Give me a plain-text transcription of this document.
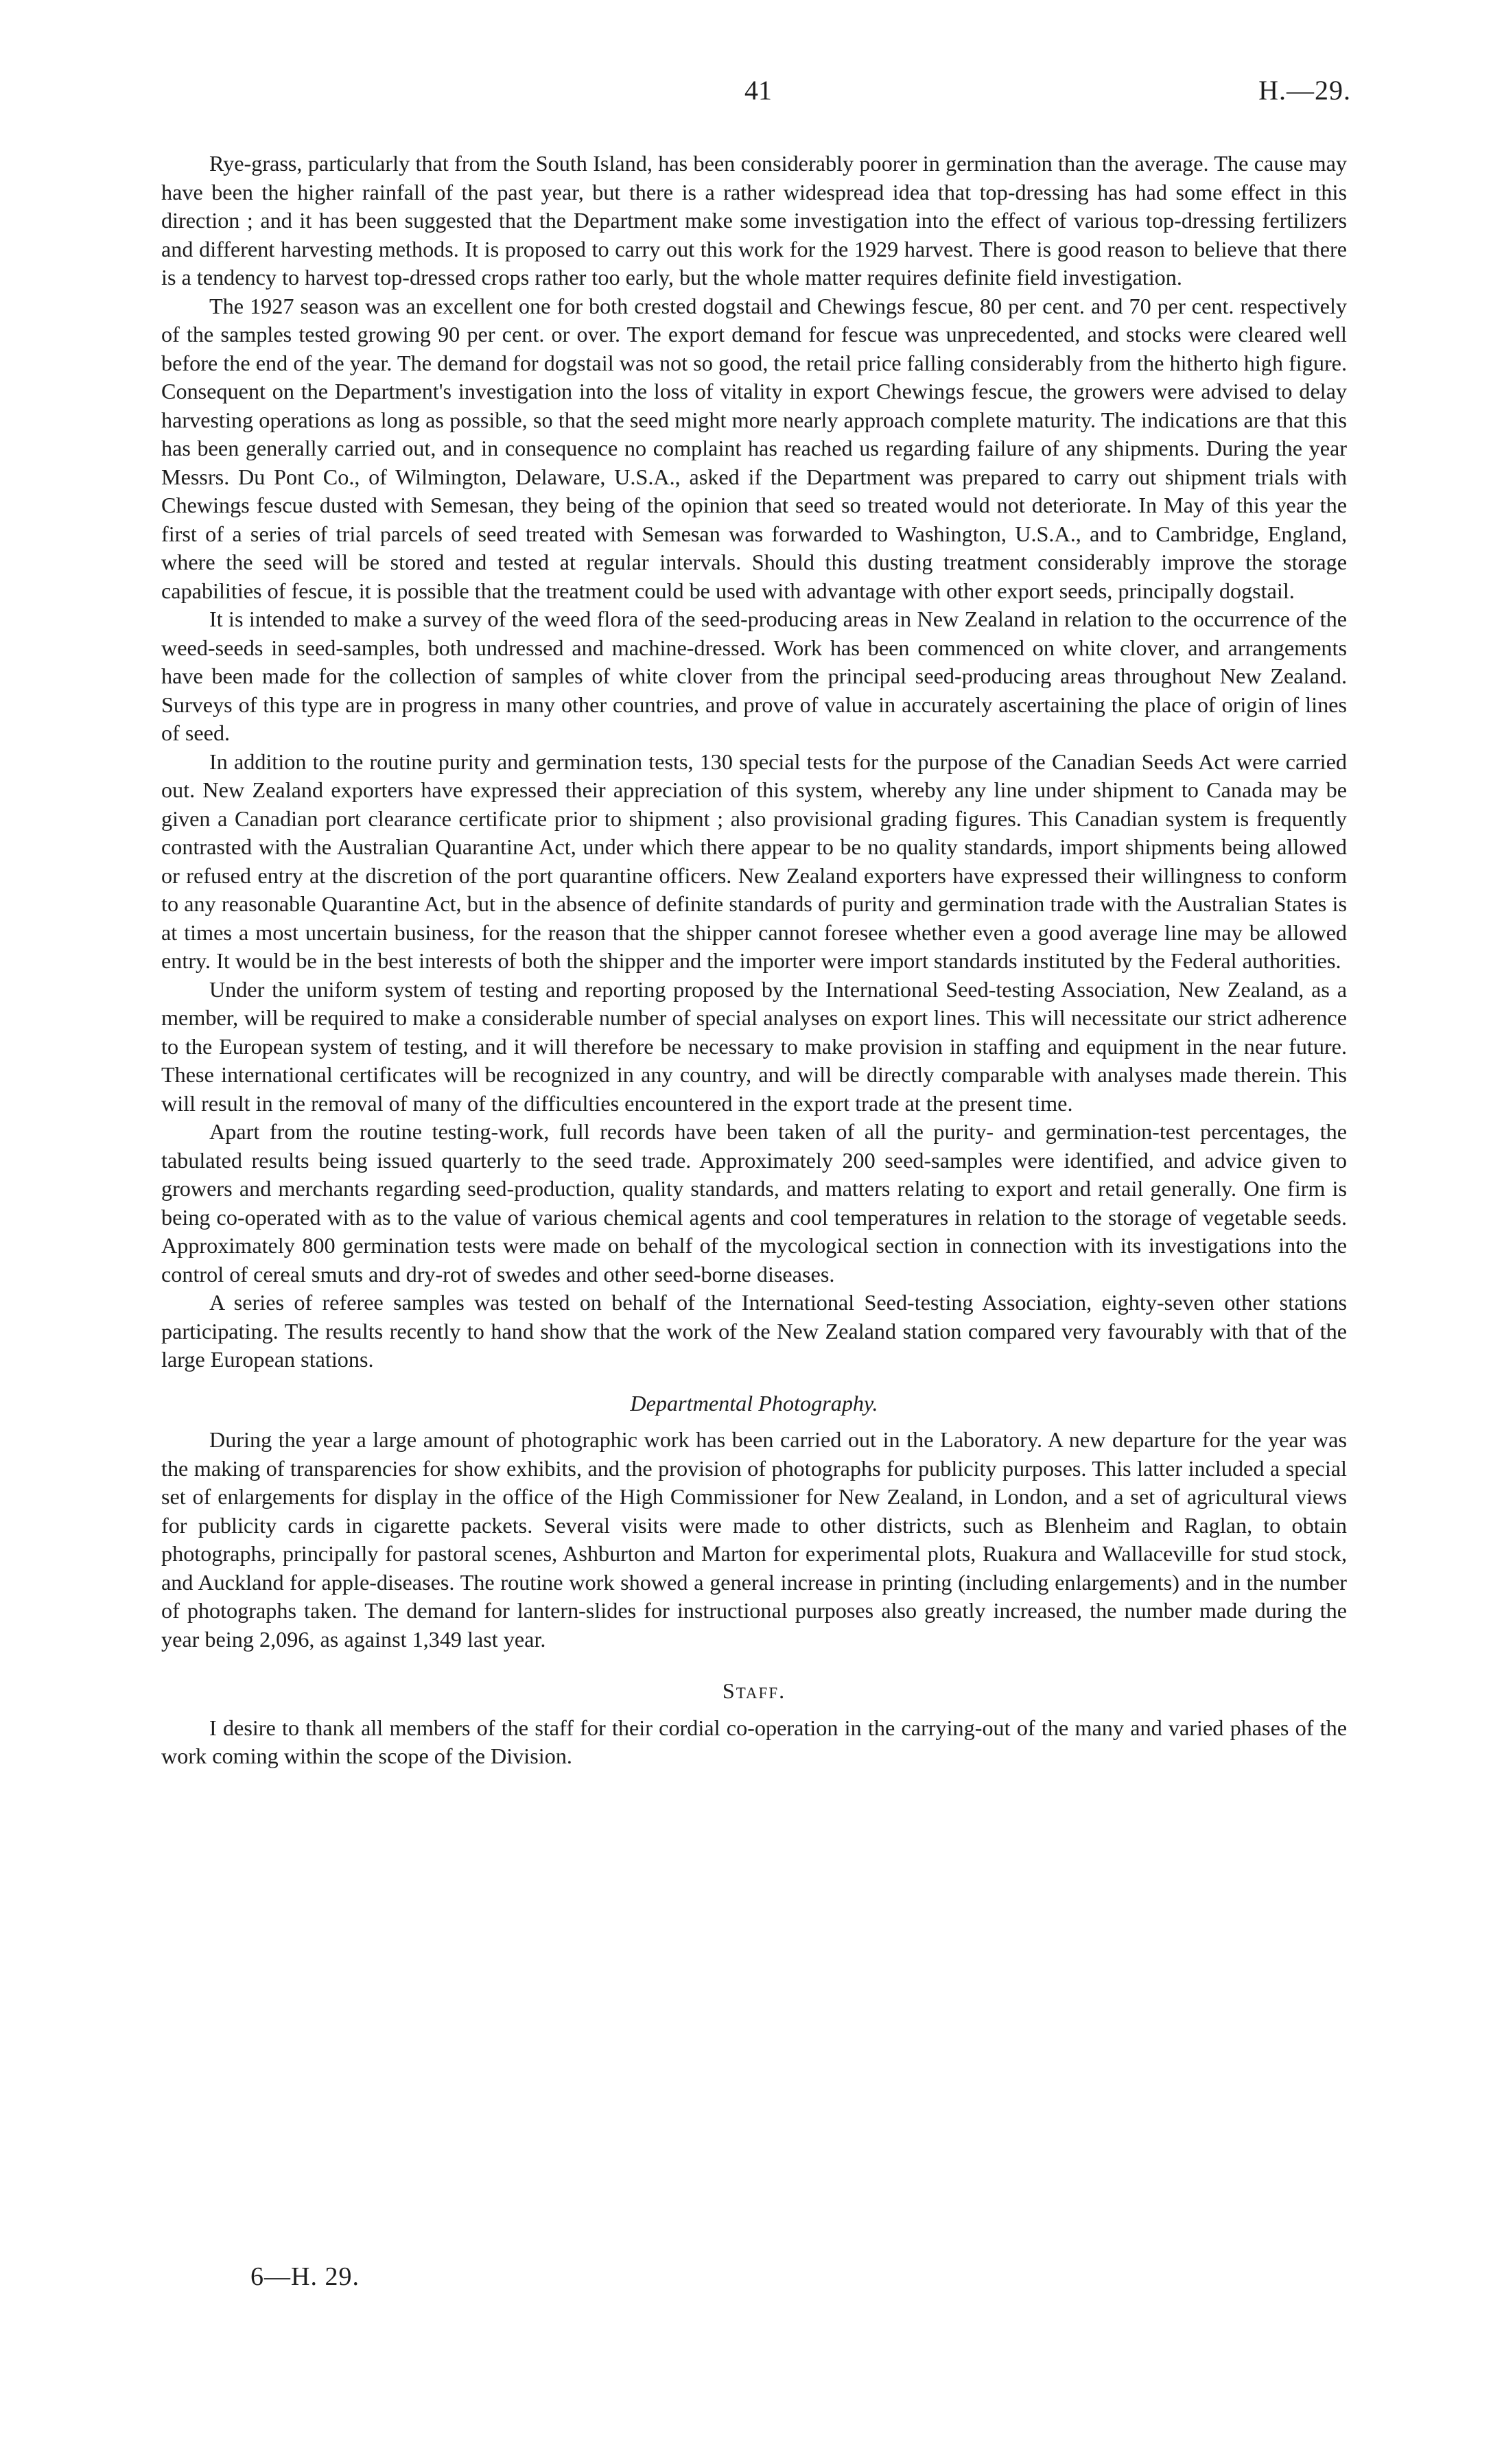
41	H.—29.

Rye-grass, particularly that from the South Island, has been considerably poorer in germination than the average. The cause may have been the higher rainfall of the past year, but there is a rather widespread idea that top-dressing has had some effect in this direction ; and it has been suggested that the Department make some investigation into the effect of various top-dressing fertilizers and different harvesting methods. It is proposed to carry out this work for the 1929 harvest. There is good reason to believe that there is a tendency to harvest top-dressed crops rather too early, but the whole matter requires definite field investigation.

The 1927 season was an excellent one for both crested dogstail and Chewings fescue, 80 per cent. and 70 per cent. respectively of the samples tested growing 90 per cent. or over. The export demand for fescue was unprecedented, and stocks were cleared well before the end of the year. The demand for dogstail was not so good, the retail price falling considerably from the hitherto high figure. Consequent on the Department's investigation into the loss of vitality in export Chewings fescue, the growers were advised to delay harvesting operations as long as possible, so that the seed might more nearly approach complete maturity. The indications are that this has been generally carried out, and in consequence no complaint has reached us regarding failure of any shipments. During the year Messrs. Du Pont Co., of Wilmington, Delaware, U.S.A., asked if the Department was prepared to carry out shipment trials with Chewings fescue dusted with Semesan, they being of the opinion that seed so treated would not deteriorate. In May of this year the first of a series of trial parcels of seed treated with Semesan was forwarded to Washington, U.S.A., and to Cambridge, England, where the seed will be stored and tested at regular intervals. Should this dusting treatment considerably improve the storage capabilities of fescue, it is possible that the treatment could be used with advantage with other export seeds, principally dogstail.

It is intended to make a survey of the weed flora of the seed-producing areas in New Zealand in relation to the occurrence of the weed-seeds in seed-samples, both undressed and machine-dressed. Work has been commenced on white clover, and arrangements have been made for the collection of samples of white clover from the principal seed-producing areas throughout New Zealand. Surveys of this type are in progress in many other countries, and prove of value in accurately ascertaining the place of origin of lines of seed.

In addition to the routine purity and germination tests, 130 special tests for the purpose of the Canadian Seeds Act were carried out. New Zealand exporters have expressed their appreciation of this system, whereby any line under shipment to Canada may be given a Canadian port clearance certificate prior to shipment ; also provisional grading figures. This Canadian system is frequently contrasted with the Australian Quarantine Act, under which there appear to be no quality standards, import shipments being allowed or refused entry at the discretion of the port quarantine officers. New Zealand exporters have expressed their willingness to conform to any reasonable Quarantine Act, but in the absence of definite standards of purity and germination trade with the Australian States is at times a most uncertain business, for the reason that the shipper cannot foresee whether even a good average line may be allowed entry. It would be in the best interests of both the shipper and the importer were import standards instituted by the Federal authorities.

Under the uniform system of testing and reporting proposed by the International Seed-testing Association, New Zealand, as a member, will be required to make a considerable number of special analyses on export lines. This will necessitate our strict adherence to the European system of testing, and it will therefore be necessary to make provision in staffing and equipment in the near future. These international certificates will be recognized in any country, and will be directly comparable with analyses made therein. This will result in the removal of many of the difficulties encountered in the export trade at the present time.

Apart from the routine testing-work, full records have been taken of all the purity- and germination-test percentages, the tabulated results being issued quarterly to the seed trade. Approximately 200 seed-samples were identified, and advice given to growers and merchants regarding seed-production, quality standards, and matters relating to export and retail generally. One firm is being co-operated with as to the value of various chemical agents and cool temperatures in relation to the storage of vegetable seeds. Approximately 800 germination tests were made on behalf of the mycological section in connection with its investigations into the control of cereal smuts and dry-rot of swedes and other seed-borne diseases.

A series of referee samples was tested on behalf of the International Seed-testing Association, eighty-seven other stations participating. The results recently to hand show that the work of the New Zealand station compared very favourably with that of the large European stations.

Departmental Photography.

During the year a large amount of photographic work has been carried out in the Laboratory. A new departure for the year was the making of transparencies for show exhibits, and the provision of photographs for publicity purposes. This latter included a special set of enlargements for display in the office of the High Commissioner for New Zealand, in London, and a set of agricultural views for publicity cards in cigarette packets. Several visits were made to other districts, such as Blenheim and Raglan, to obtain photographs, principally for pastoral scenes, Ashburton and Marton for experimental plots, Ruakura and Wallaceville for stud stock, and Auckland for apple-diseases. The routine work showed a general increase in printing (including enlargements) and in the number of photographs taken. The demand for lantern-slides for instructional purposes also greatly increased, the number made during the year being 2,096, as against 1,349 last year.

Staff.

I desire to thank all members of the staff for their cordial co-operation in the carrying-out of the many and varied phases of the work coming within the scope of the Division.

6—H. 29.
